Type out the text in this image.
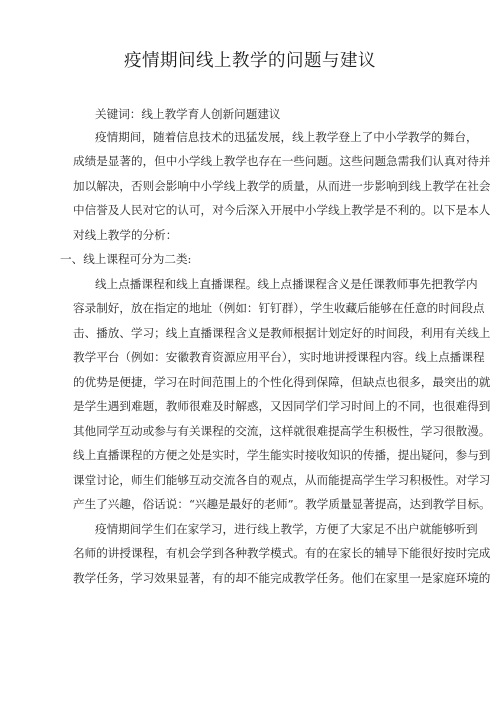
疫情期间线上教学的问题与建议
关键词：线上教学育人创新问题建议
疫情期间，随着信息技术的迅猛发展，线上教学登上了中小学教学的舞台，
成绩是显著的，但中小学线上教学也存在一些问题。这些问题急需我们认真对待并
加以解决，否则会影响中小学线上教学的质量，从而进一步影响到线上教学在社会
中信誉及人民对它的认可，对今后深入开展中小学线上教学是不利的。以下是本人
对线上教学的分析：
一、线上课程可分为二类:
线上点播课程和线上直播课程。线上点播课程含义是任课教师事先把教学内
容录制好，放在指定的地址（例如：钉钉群），学生收藏后能够在任意的时间段点
击、播放、学习；线上直播课程含义是教师根据计划定好的时间段，利用有关线上
教学平台（例如：安徽教育资源应用平台），实时地讲授课程内容。线上点播课程
的优势是便捷，学习在时间范围上的个性化得到保障，但缺点也很多，最突出的就
是学生遇到难题，教师很难及时解惑，又因同学们学习时间上的不同，也很难得到
其他同学互动或参与有关课程的交流，这样就很难提高学生积极性，学习很散漫。
线上直播课程的方便之处是实时，学生能实时接收知识的传播，提出疑问，参与到
课堂讨论，师生们能够互动交流各自的观点，从而能提高学生学习积极性。对学习
产生了兴趣，俗话说：“兴趣是最好的老师”。教学质量显著提高，达到教学目标。
疫情期间学生们在家学习，进行线上教学，方便了大家足不出户就能够听到
名师的讲授课程，有机会学到各种教学模式。有的在家长的辅导下能很好按时完成
教学任务，学习效果显著，有的却不能完成教学任务。他们在家里一是家庭环境的
